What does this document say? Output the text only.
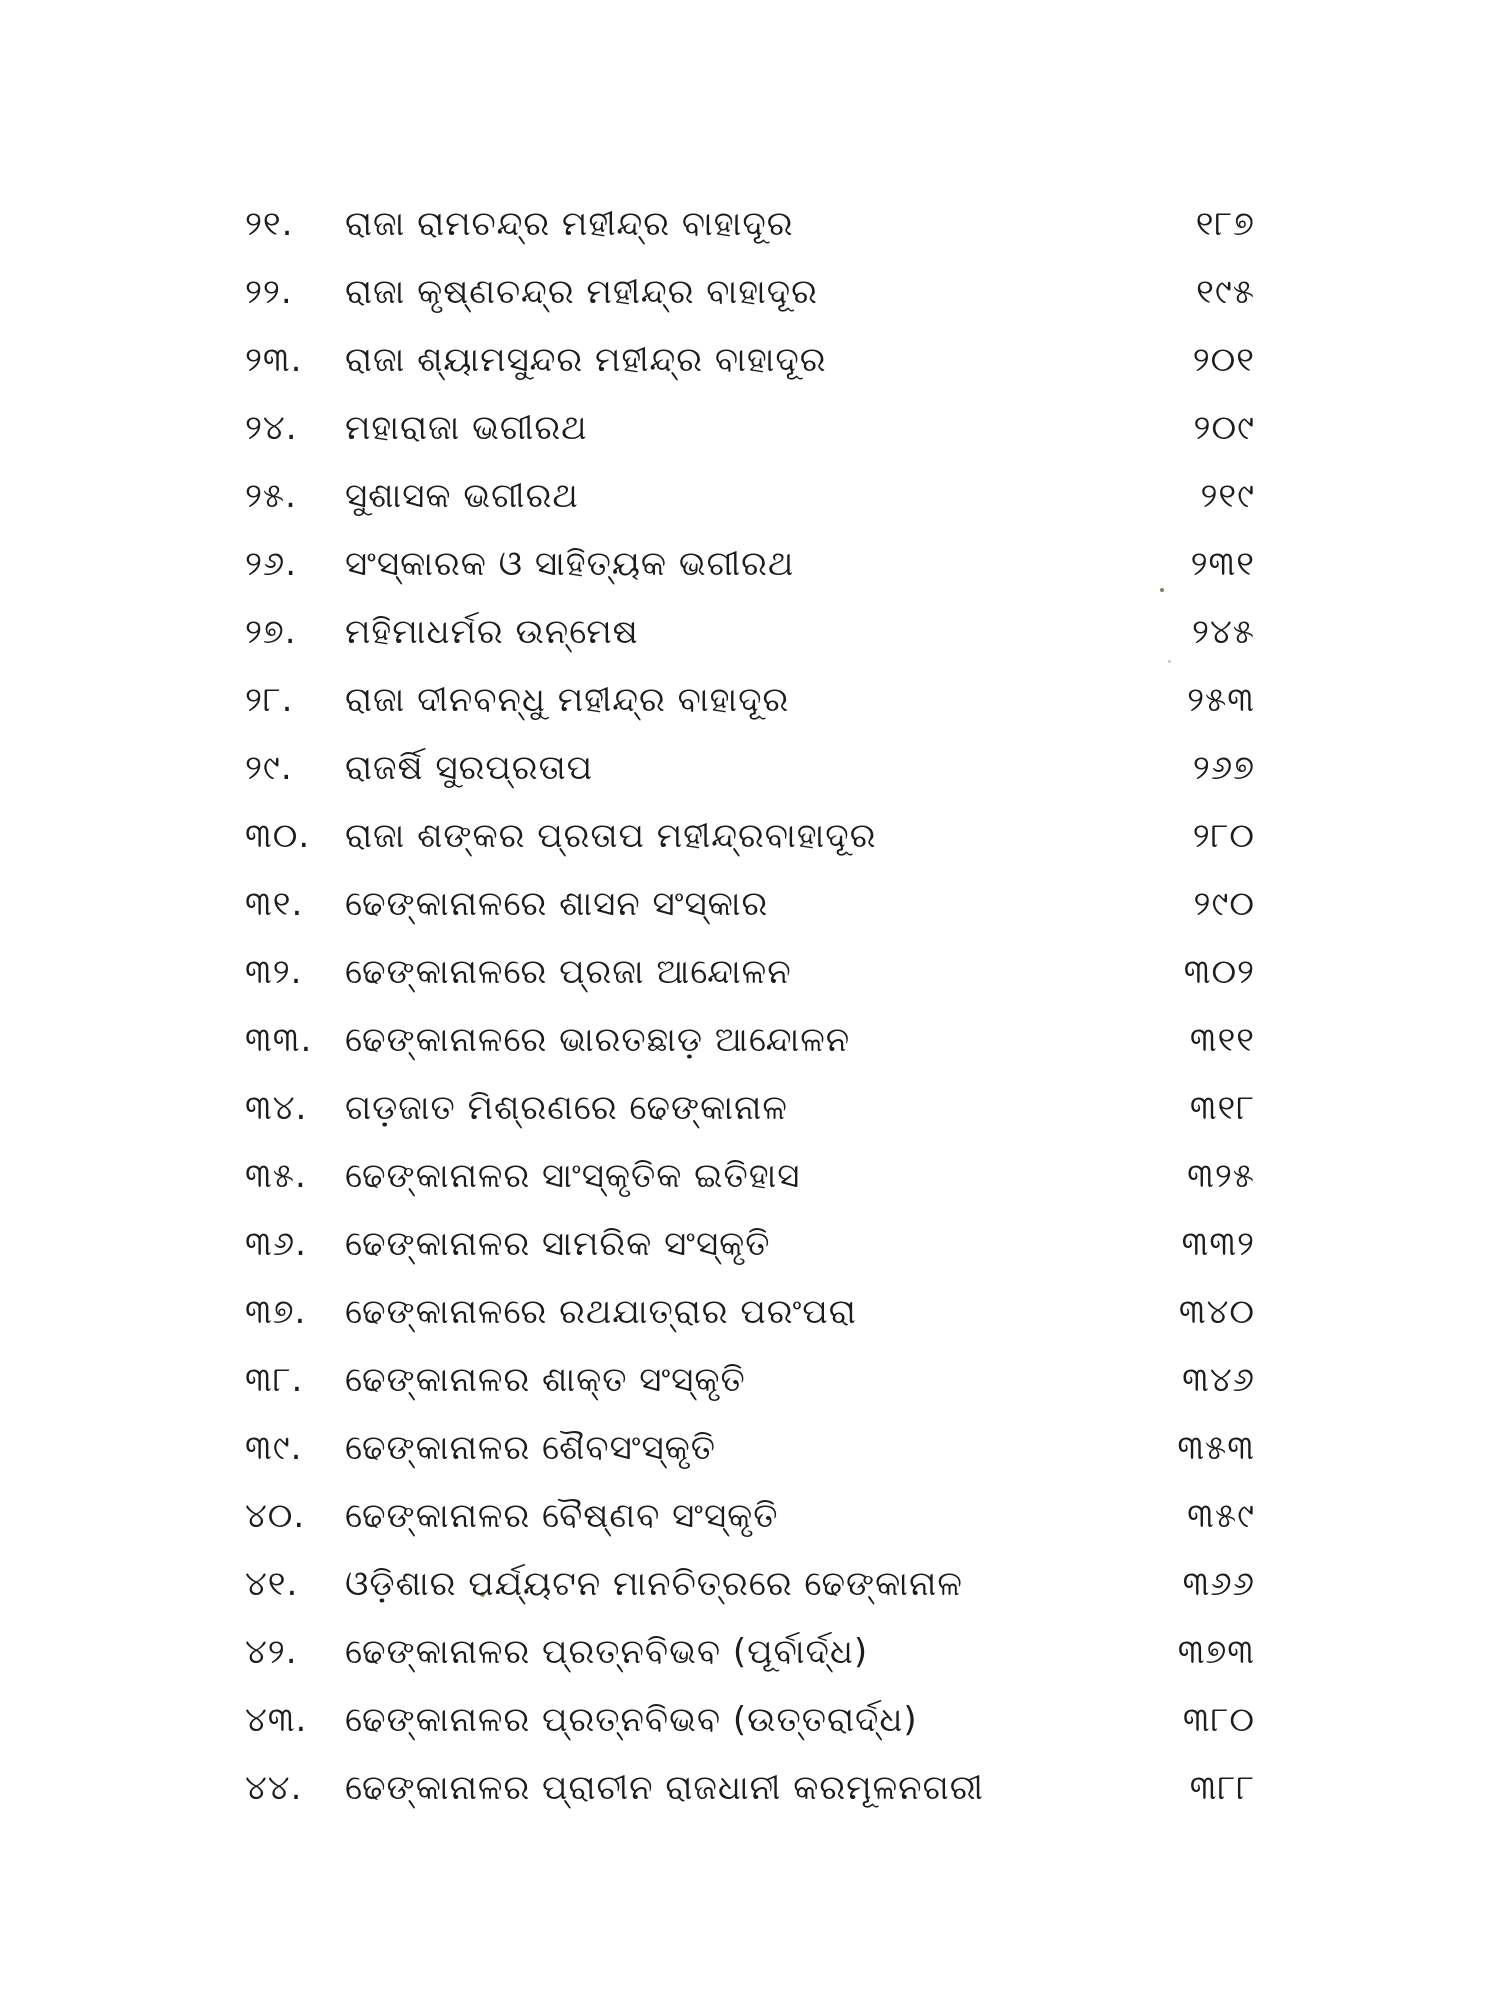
୨୧.	ରାଜା ରାମଚନ୍ଦ୍ର ମହୀନ୍ଦ୍ର ବାହାଦୂର	୧୮୭
୨୨.	ରାଜା କୃଷ୍ଣଚନ୍ଦ୍ର ମହୀନ୍ଦ୍ର ବାହାଦୂର	୧୯୫
୨୩.	ରାଜା ଶ୍ୟାମସୁନ୍ଦର ମହୀନ୍ଦ୍ର ବାହାଦୂର	୨୦୧
୨୪.	ମହାରାଜା ଭଗୀରଥ	୨୦୯
୨୫.	ସୁଶାସକ ଭଗୀରଥ	୨୧୯
୨୬.	ସଂସ୍କାରକ ଓ ସାହିତ୍ୟକ ଭଗୀରଥ	୨୩୧
୨୭.	ମହିମାଧର୍ମର ଉନ୍ମେଷ	୨୪୫
୨୮.	ରାଜା ଦୀନବନ୍ଧୁ ମହୀନ୍ଦ୍ର ବାହାଦୂର	୨୫୩
୨୯.	ରାଜର୍ଷି ସୁରପ୍ରତାପ	୨୬୭
୩୦.	ରାଜା ଶଙ୍କର ପ୍ରତାପ ମହୀନ୍ଦ୍ରବାହାଦୂର	୨୮୦
୩୧.	ଢେଙ୍କାନାଳରେ ଶାସନ ସଂସ୍କାର	୨୯୦
୩୨.	ଢେଙ୍କାନାଳରେ ପ୍ରଜା ଆନ୍ଦୋଳନ	୩୦୨
୩୩. ଢେଙ୍କାନାଳରେ ଭାରତଛାଡ଼ ଆନ୍ଦୋଳନ	୩୧୧
୩୪.	ଗଡ଼ଜାତ ମିଶ୍ରଣରେ ଢେଙ୍କାନାଳ	୩୧୮
୩୫.	ଢେଙ୍କାନାଳର ସାଂସ୍କୃତିକ ଇତିହାସ	୩୨୫
୩୬.	ଢେଙ୍କାନାଳର ସାମରିକ ସଂସ୍କୃତି	୩୩୨
୩୭.	ଢେଙ୍କାନାଳରେ ରଥଯାତ୍ରାର ପରଂପରା	୩୪୦
୩୮.	ଢେଙ୍କାନାଳର ଶାକ୍ତ ସଂସ୍କୃତି	୩୪୬
୩୯.	ଢେଙ୍କାନାଳର ଶୈବସଂସ୍କୃତି	୩୫୩
୪୦.	ଢେଙ୍କାନାଳର ବୈଷ୍ଣବ ସଂସ୍କୃତି	୩୫୯
୪୧.	ଓଡ଼ିଶାର ପର୍ଯ୍ୟଟନ ମାନଚିତ୍ରରେ ଢେଙ୍କାନାଳ	୩୬୬
୪୨.	ଢେଙ୍କାନାଳର ପ୍ରତ୍ନବିଭବ (ପୂର୍ବାର୍ଦ୍ଧ)	୩୭୩
୪୩.	ଢେଙ୍କାନାଳର ପ୍ରତ୍ନବିଭବ (ଉତ୍ତରାର୍ଦ୍ଧ)	୩୮୦
୪୪.	ଢେଙ୍କାନାଳର ପ୍ରାଚୀନ ରାଜଧାନୀ କରମୂଳନଗରୀ	୩୮୮
